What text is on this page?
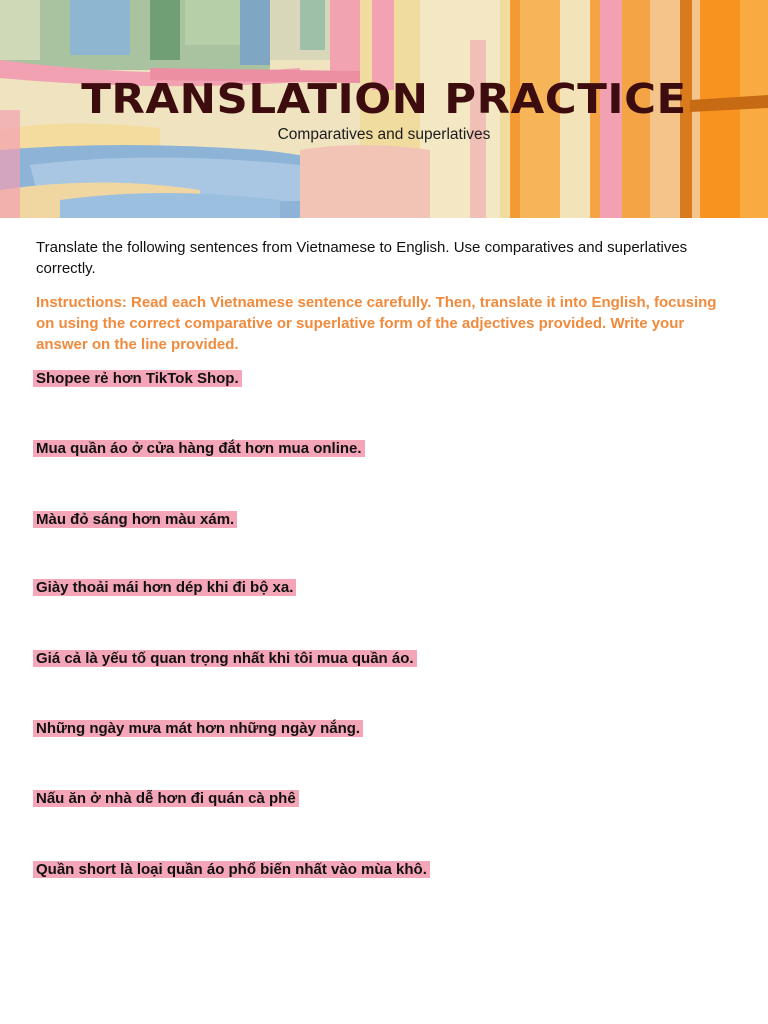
TRANSLATION PRACTICE
Comparatives and superlatives
Translate the following sentences from Vietnamese to English. Use comparatives and superlatives correctly.
Instructions: Read each Vietnamese sentence carefully. Then, translate it into English, focusing on using the correct comparative or superlative form of the adjectives provided. Write your answer on the line provided.
Shopee rẻ hơn TikTok Shop.
Mua quần áo ở cửa hàng đắt hơn mua online.
Màu đỏ sáng hơn màu xám.
Giày thoải mái hơn dép khi đi bộ xa.
Giá cả là yếu tố quan trọng nhất khi tôi mua quần áo.
Những ngày mưa mát hơn những ngày nắng.
Nấu ăn ở nhà dễ hơn đi quán cà phê
Quần short là loại quần áo phổ biến nhất vào mùa khô.
